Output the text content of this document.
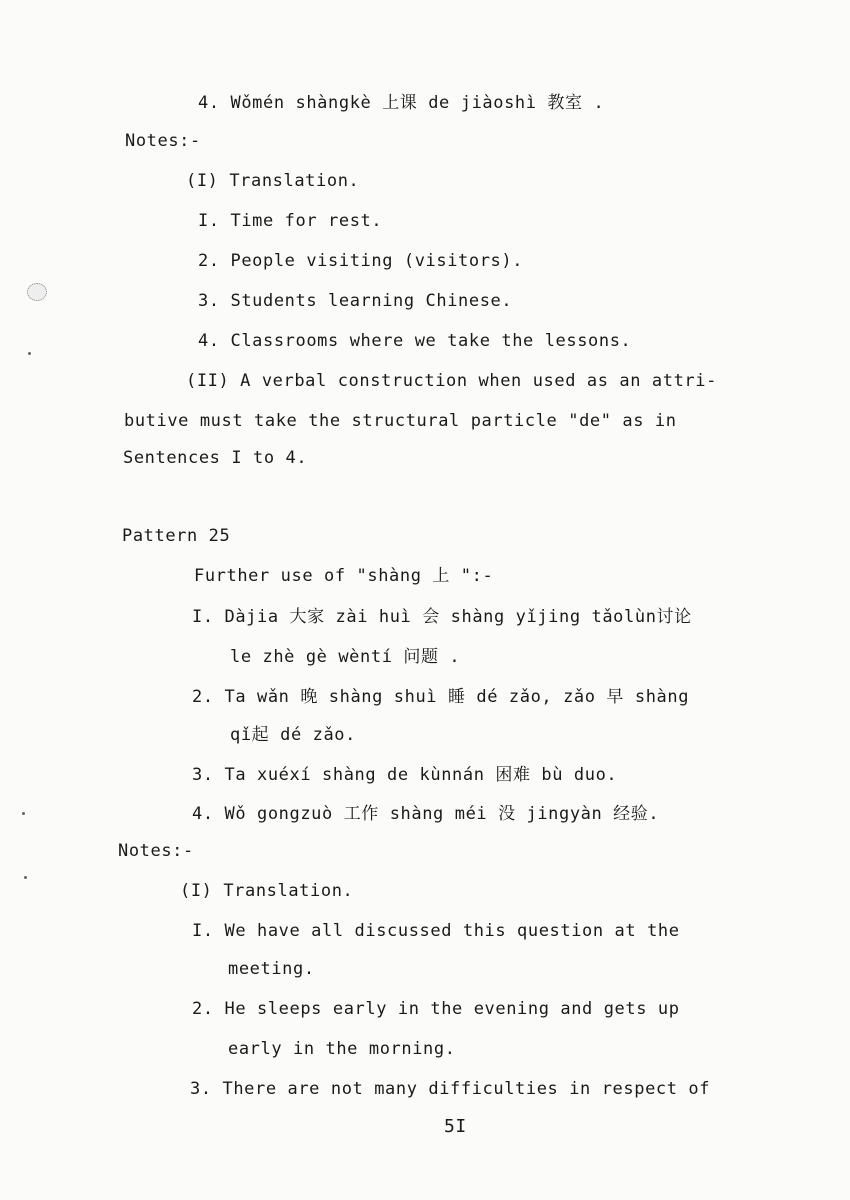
4. Wǒmén shàngkè 上课 de jiàoshì 教室 .
Notes:-
(I) Translation.
I. Time for rest.
2. People visiting (visitors).
3. Students learning Chinese.
4. Classrooms where we take the lessons.
(II) A verbal construction when used as an attri-
butive must take the structural particle "de" as in
Sentences I to 4.
Pattern 25
Further use of "shàng 上 ":-
I. Dàjia 大家 zài huì 会 shàng yǐjing tǎolùn讨论
le zhè gè wèntí 问题 .
2. Ta wǎn 晚 shàng shuì 睡 dé zǎo, zǎo 早 shàng
qǐ起 dé zǎo.
3. Ta xuéxí shàng de kùnnán 困难 bù duo.
4. Wǒ gongzuò 工作 shàng méi 没 jingyàn 经验.
Notes:-
(I) Translation.
I. We have all discussed this question at the
meeting.
2. He sleeps early in the evening and gets up
early in the morning.
3. There are not many difficulties in respect of
5I
